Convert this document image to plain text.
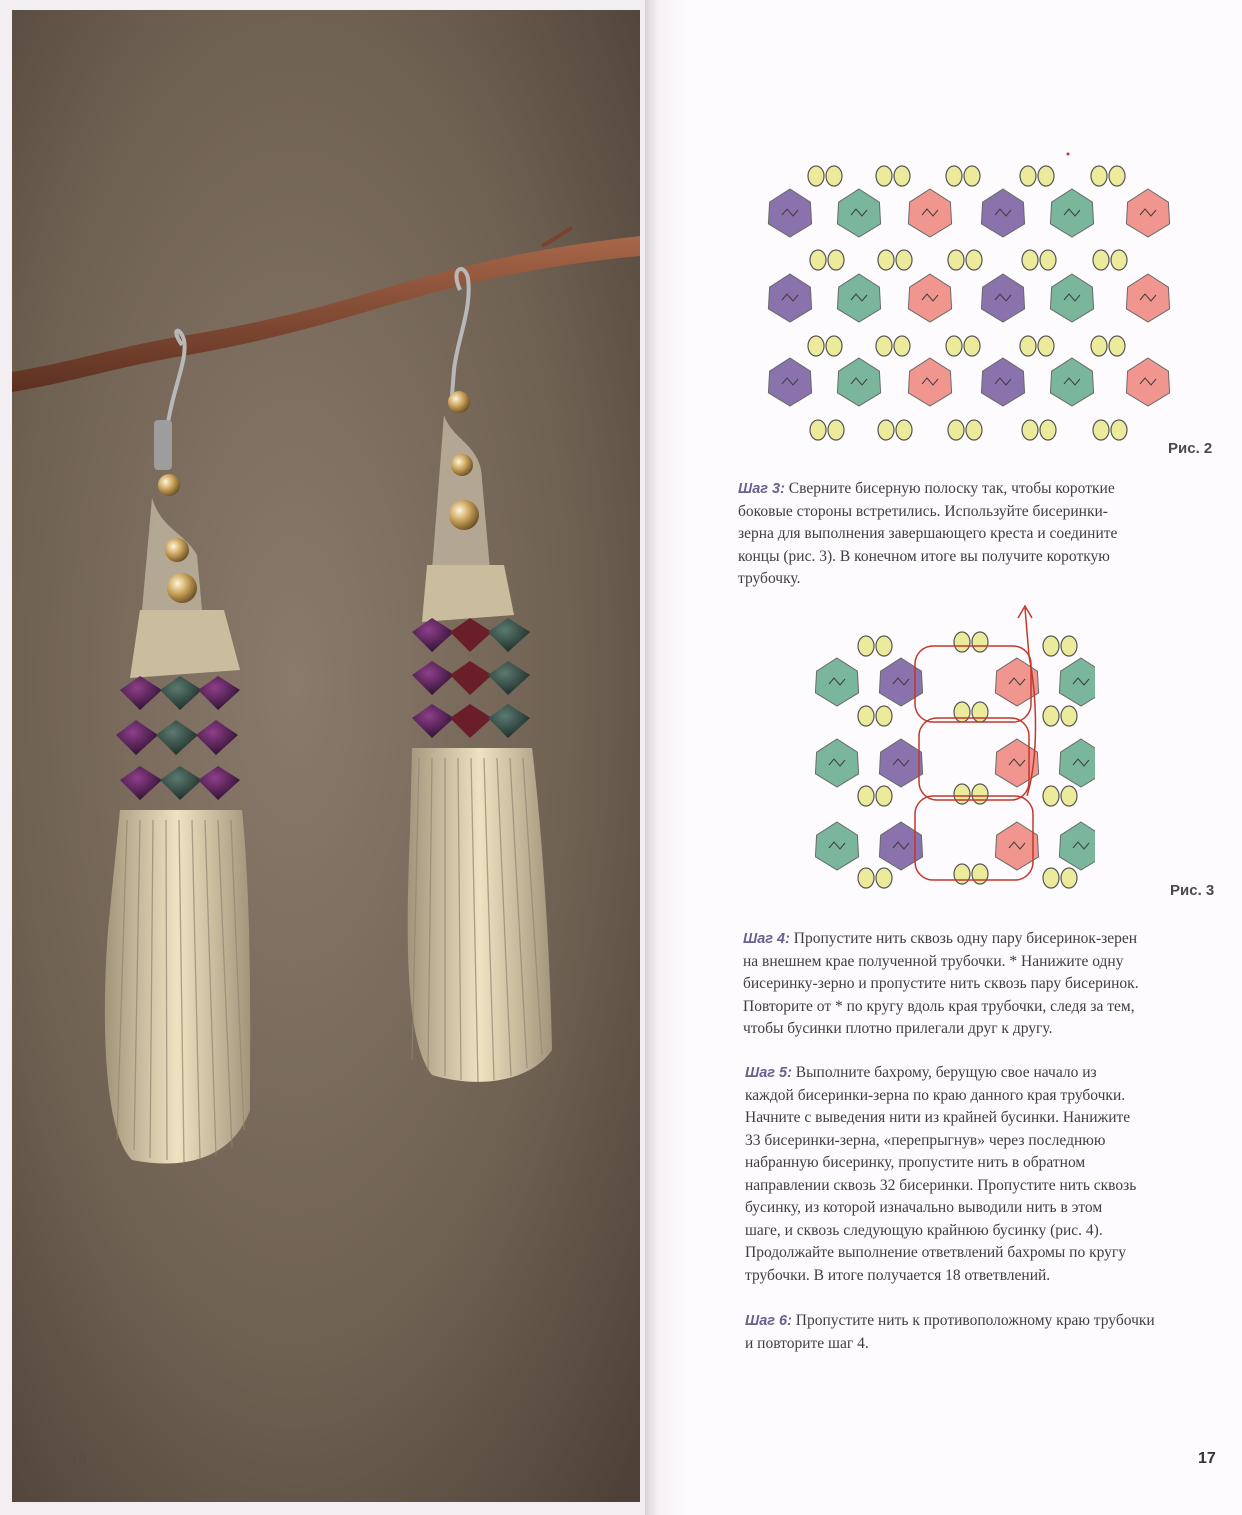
16
Рис. 2
Шаг 3: Сверните бисерную полоску так, чтобы короткие
боковые стороны встретились. Используйте бисеринки-
зерна для выполнения завершающего креста и соедините
концы (рис. 3). В конечном итоге вы получите короткую
трубочку.
Рис. 3
Шаг 4: Пропустите нить сквозь одну пару бисеринок-зерен
на внешнем крае полученной трубочки. * Нанижите одну
бисеринку-зерно и пропустите нить сквозь пару бисеринок.
Повторите от * по кругу вдоль края трубочки, следя за тем,
чтобы бусинки плотно прилегали друг к другу.
Шаг 5: Выполните бахрому, берущую свое начало из
каждой бисеринки-зерна по краю данного края трубочки.
Начните с выведения нити из крайней бусинки. Нанижите
33 бисеринки-зерна, «перепрыгнув» через последнюю
набранную бисеринку, пропустите нить в обратном
направлении сквозь 32 бисеринки. Пропустите нить сквозь
бусинку, из которой изначально выводили нить в этом
шаге, и сквозь следующую крайнюю бусинку (рис. 4).
Продолжайте выполнение ответвлений бахромы по кругу
трубочки. В итоге получается 18 ответвлений.
Шаг 6: Пропустите нить к противоположному краю трубочки
и повторите шаг 4.
17
